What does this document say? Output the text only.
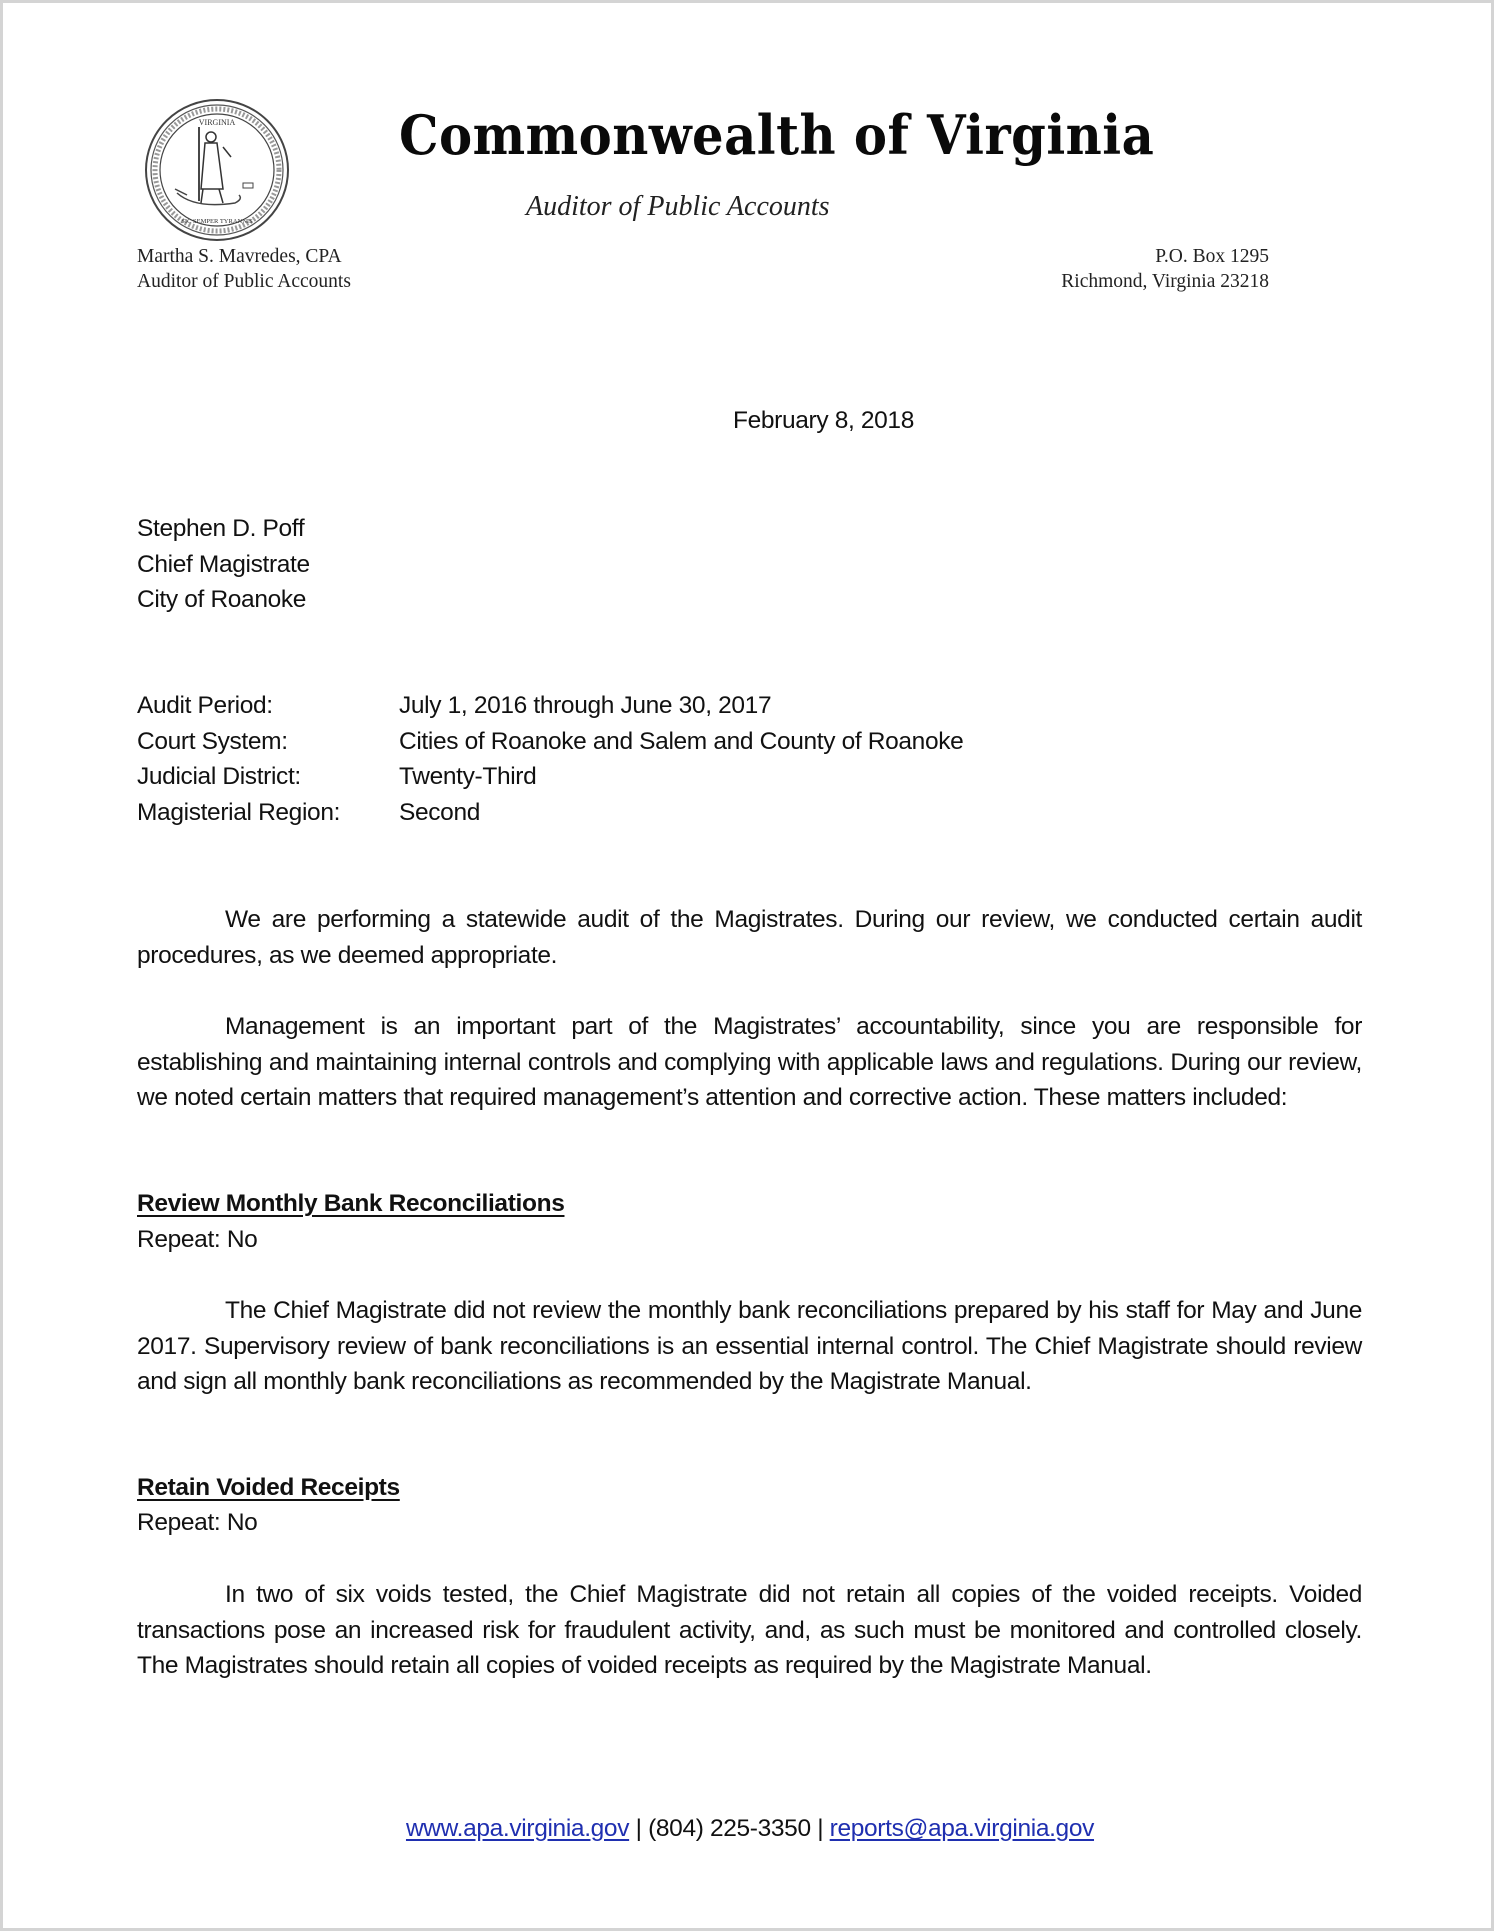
VIRGINIA
SIC SEMPER TYRANNIS
Commonwealth of Virginia
Auditor of Public Accounts
Martha S. Mavredes, CPA
Auditor of Public Accounts
P.O. Box 1295
Richmond, Virginia 23218
February 8, 2018
Stephen D. Poff
Chief Magistrate
City of Roanoke
Audit Period:	July 1, 2016 through June 30, 2017
Court System:	Cities of Roanoke and Salem and County of Roanoke
Judicial District:	Twenty-Third
Magisterial Region:	Second
We are performing a statewide audit of the Magistrates. During our review, we conducted certain audit procedures, as we deemed appropriate.
Management is an important part of the Magistrates’ accountability, since you are responsible for establishing and maintaining internal controls and complying with applicable laws and regulations. During our review, we noted certain matters that required management’s attention and corrective action. These matters included:
Review Monthly Bank Reconciliations
Repeat: No
The Chief Magistrate did not review the monthly bank reconciliations prepared by his staff for May and June 2017. Supervisory review of bank reconciliations is an essential internal control. The Chief Magistrate should review and sign all monthly bank reconciliations as recommended by the Magistrate Manual.
Retain Voided Receipts
Repeat: No
In two of six voids tested, the Chief Magistrate did not retain all copies of the voided receipts. Voided transactions pose an increased risk for fraudulent activity, and, as such must be monitored and controlled closely. The Magistrates should retain all copies of voided receipts as required by the Magistrate Manual.
www.apa.virginia.gov | (804) 225-3350 | reports@apa.virginia.gov
